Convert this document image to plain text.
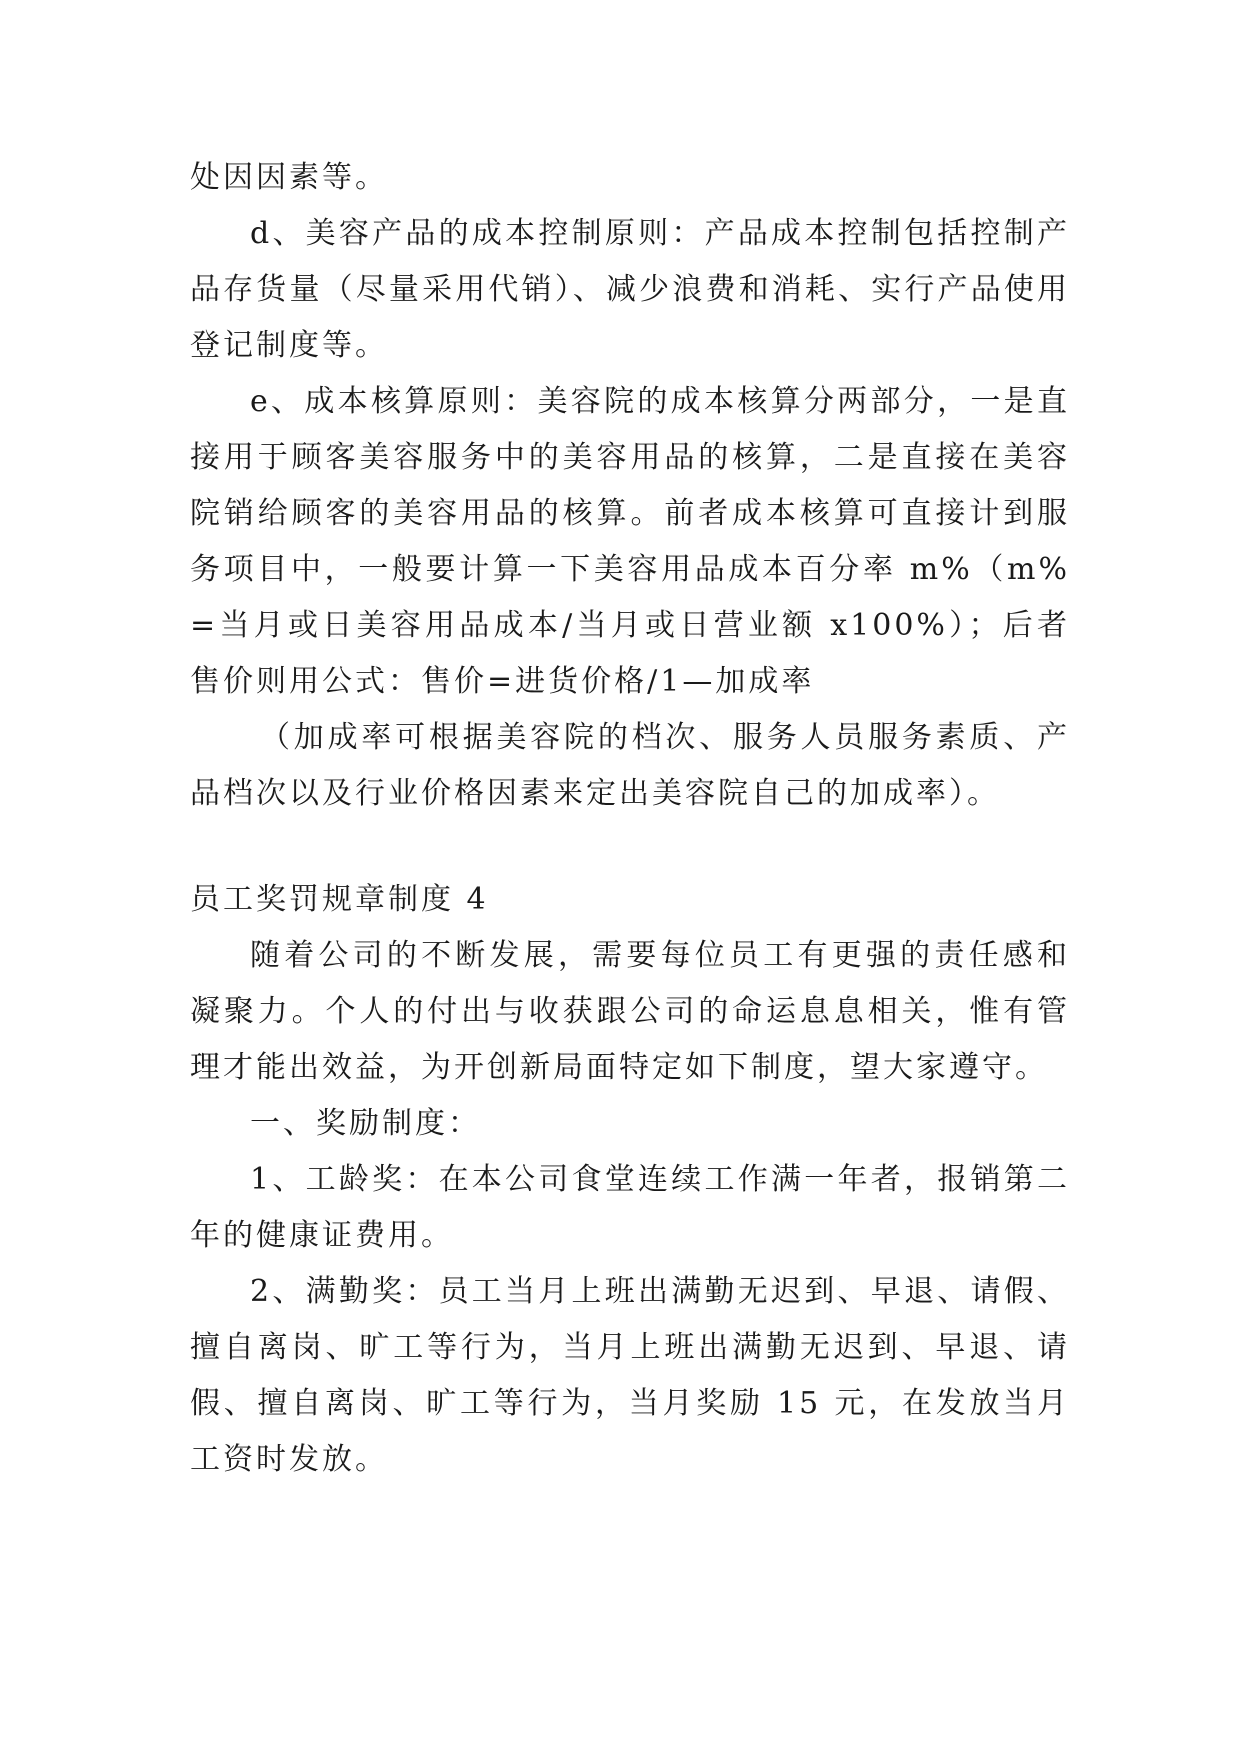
处因因素等。

d、美容产品的成本控制原则：产品成本控制包括控制产品存货量（尽量采用代销）、减少浪费和消耗、实行产品使用登记制度等。

e、成本核算原则：美容院的成本核算分两部分，一是直接用于顾客美容服务中的美容用品的核算，二是直接在美容院销给顾客的美容用品的核算。前者成本核算可直接计到服务项目中，一般要计算一下美容用品成本百分率 m%（m%=当月或日美容用品成本/当月或日营业额 x100%）；后者售价则用公式：售价=进货价格/1—加成率

（加成率可根据美容院的档次、服务人员服务素质、产品档次以及行业价格因素来定出美容院自己的加成率）。

员工奖罚规章制度 4

随着公司的不断发展，需要每位员工有更强的责任感和凝聚力。个人的付出与收获跟公司的命运息息相关，惟有管理才能出效益，为开创新局面特定如下制度，望大家遵守。

一、奖励制度：

1、工龄奖：在本公司食堂连续工作满一年者，报销第二年的健康证费用。

2、满勤奖：员工当月上班出满勤无迟到、早退、请假、擅自离岗、旷工等行为，当月上班出满勤无迟到、早退、请假、擅自离岗、旷工等行为，当月奖励 15 元，在发放当月工资时发放。
